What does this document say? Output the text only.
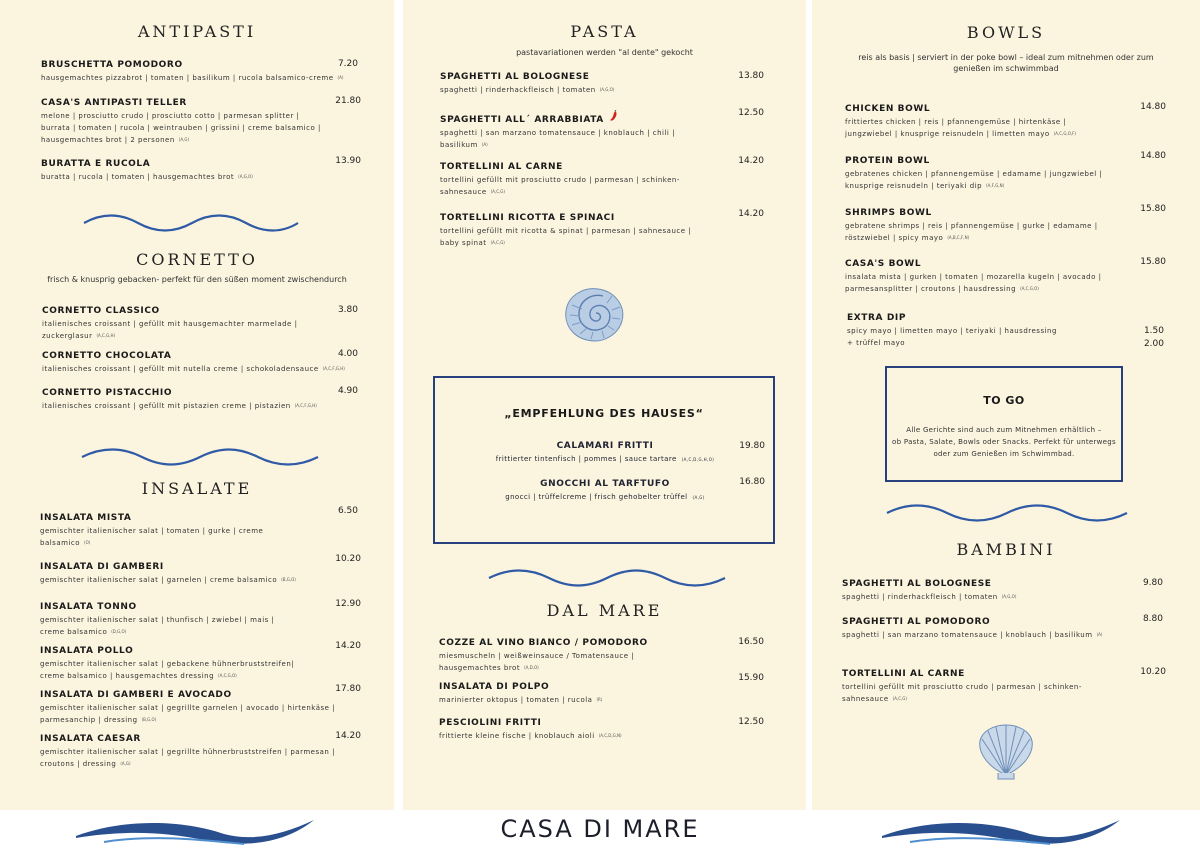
ANTIPASTI
BRUSCHETTA POMODORO
hausgemachtes pizzabrot | tomaten | basilikum | rucola balsamico-creme (A)
7.20
CASA'S ANTIPASTI TELLER
melone | prosciutto crudo | prosciutto cotto | parmesan splitter |
burrata | tomaten | rucola | weintrauben | grissini | creme balsamico |
hausgemachtes brot | 2 personen (A,G)
21.80
BURATTA E RUCOLA
buratta | rucola | tomaten | hausgemachtes brot (A,G,O)
13.90
CORNETTO
frisch & knusprig gebacken- perfekt für den süßen moment zwischendurch
CORNETTO CLASSICO
italienisches croissant | gefüllt mit hausgemachter marmelade |
zuckerglasur (A,C,G,H)
3.80
CORNETTO CHOCOLATA
italienisches croissant | gefüllt mit nutella creme | schokoladensauce (A,C,F,G,H)
4.00
CORNETTO PISTACCHIO
italienisches croissant | gefüllt mit pistazien creme | pistazien (A,C,F,G,H)
4.90
INSALATE
INSALATA MISTA
gemischter italienischer salat | tomaten | gurke | creme
balsamico (O)
6.50
INSALATA DI GAMBERI
gemischter italienischer salat | garnelen | creme balsamico (B,G,O)
10.20
INSALATA TONNO
gemischter italienischer salat | thunfisch | zwiebel | mais |
creme balsamico (D,G,O)
12.90
INSALATA POLLO
gemischter italienischer salat | gebackene hühnerbruststreifen|
creme balsamico | hausgemachtes dressing (A,C,G,O)
14.20
INSALATA DI GAMBERI E AVOCADO
gemischter italienischer salat | gegrillte garnelen | avocado | hirtenkäse |
parmesanchip | dressing (B,G,O)
17.80
INSALATA CAESAR
gemischter italienischer salat | gegrillte hühnerbruststreifen | parmesan |
croutons | dressing (A,G)
14.20
PASTA
pastavariationen werden "al dente" gekocht
SPAGHETTI AL BOLOGNESE
spaghetti | rinderhackfleisch | tomaten (A,G,O)
13.80
SPAGHETTI ALL´ ARRABBIATA
spaghetti | san marzano tomatensauce | knoblauch | chili |
basilikum (A)
12.50
TORTELLINI AL CARNE
tortellini gefüllt mit prosciutto crudo | parmesan | schinken-
sahnesauce (A,C,G)
14.20
TORTELLINI RICOTTA E SPINACI
tortellini gefüllt mit ricotta & spinat | parmesan | sahnesauce |
baby spinat (A,C,G)
14.20
„EMPFEHLUNG DES HAUSES“
CALAMARI FRITTI
frittierter tintenfisch | pommes | sauce tartare (A,C,D,G,H,O)
19.80
GNOCCHI AL TARFTUFO
gnocci | trüffelcreme | frisch gehobelter trüffel (A,G)
16.80
DAL MARE
COZZE AL VINO BIANCO / POMODORO
miesmuscheln | weißweinsauce / Tomatensauce |
hausgemachtes brot (A,D,O)
16.50
INSALATA DI POLPO
marinierter oktopus | tomaten | rucola (R)
15.90
PESCIOLINI FRITTI
frittierte kleine fische | knoblauch aioli (A,C,D,G,N)
12.50
BOWLS
reis als basis | serviert in der poke bowl – ideal zum mitnehmen oder zum
genießen im schwimmbad
CHICKEN BOWL
frittiertes chicken | reis | pfannengemüse | hirtenkäse |
jungzwiebel | knusprige reisnudeln | limetten mayo (A,C,G,O,F)
14.80
PROTEIN BOWL
gebratenes chicken | pfannengemüse | edamame | jungzwiebel |
knusprige reisnudeln | teriyaki dip (A,F,G,N)
14.80
SHRIMPS BOWL
gebratene shrimps | reis | pfannengemüse | gurke | edamame |
röstzwiebel | spicy mayo (A,B,C,F,N)
15.80
CASA'S BOWL
insalata mista | gurken | tomaten | mozarella kugeln | avocado |
parmesansplitter | croutons | hausdressing (A,C,G,O)
15.80
EXTRA DIP
spicy mayo | limetten mayo | teriyaki | hausdressing
+ trüffel mayo
1.50
2.00
TO GO
Alle Gerichte sind auch zum Mitnehmen erhältlich –
ob Pasta, Salate, Bowls oder Snacks. Perfekt für unterwegs
oder zum Genießen im Schwimmbad.
BAMBINI
SPAGHETTI AL BOLOGNESE
spaghetti | rinderhackfleisch | tomaten (A,G,O)
9.80
SPAGHETTI AL POMODORO
spaghetti | san marzano tomatensauce | knoblauch | basilikum (A)
8.80
TORTELLINI AL CARNE
tortellini gefüllt mit prosciutto crudo | parmesan | schinken-
sahnesauce (A,C,G)
10.20
CASA DI MARE
